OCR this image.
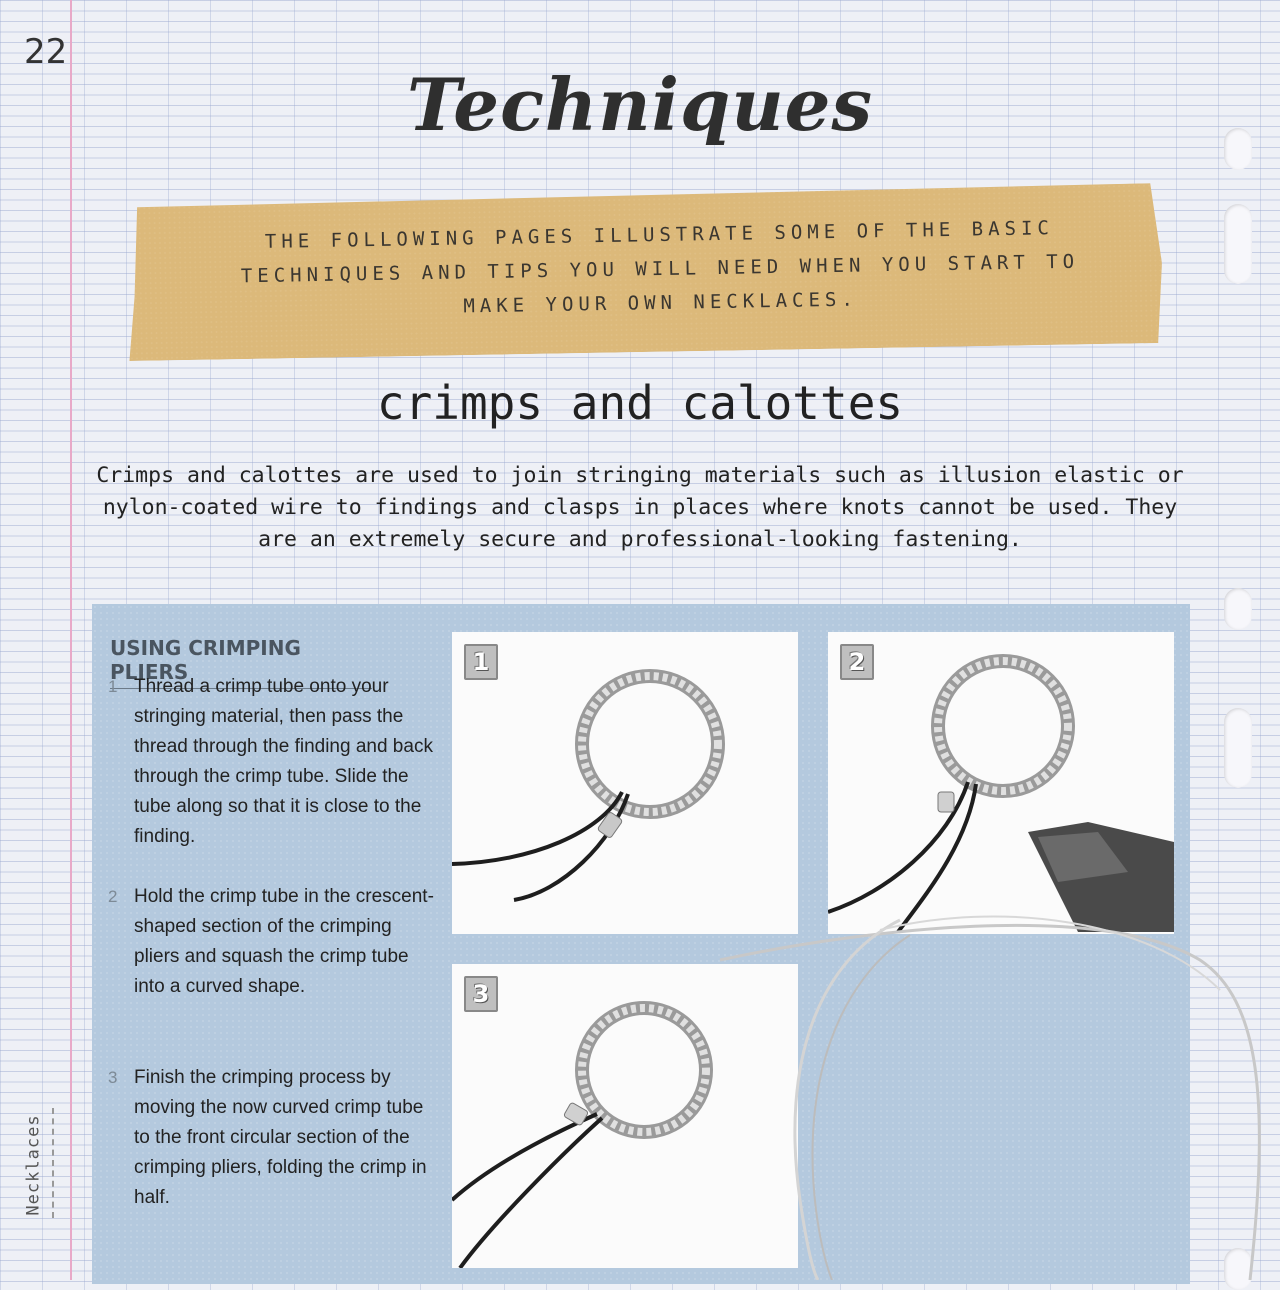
22
Necklaces
Techniques
THE FOLLOWING PAGES ILLUSTRATE SOME OF THE BASIC TECHNIQUES AND TIPS YOU WILL NEED WHEN YOU START TO MAKE YOUR OWN NECKLACES.
crimps and calottes

Crimps and calottes are used to join stringing materials such as illusion elastic or nylon-coated wire to findings and clasps in places where knots cannot be used. They are an extremely secure and professional-looking fastening.

USING CRIMPING PLIERS
1 Thread a crimp tube onto your stringing material, then pass the thread through the finding and back through the crimp tube. Slide the tube along so that it is close to the finding.
2 Hold the crimp tube in the crescent-shaped section of the crimping pliers and squash the crimp tube into a curved shape.
3 Finish the crimping process by moving the now curved crimp tube to the front circular section of the crimping pliers, folding the crimp in half.
1	2
3
